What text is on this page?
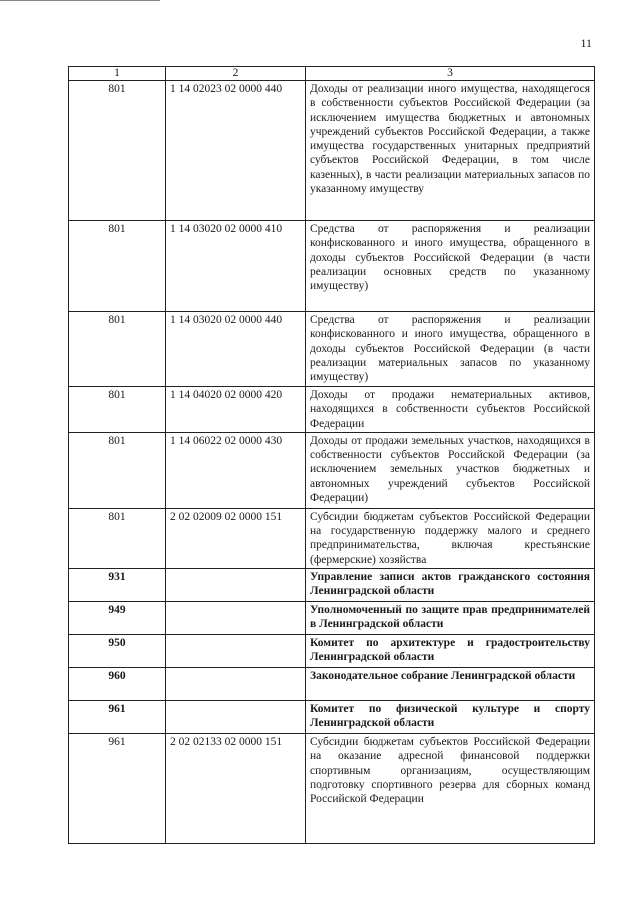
11
1	2	3
801	1 14 02023 02 0000 440	Доходы от реализации иного имущества, находящегося в собственности субъектов Российской Федерации (за исключением имущества бюджетных и автономных учреждений субъектов Российской Федерации, а также имущества государственных унитарных предприятий субъектов Российской Федерации, в том числе казенных), в части реализации материальных запасов по указанному имуществу
801	1 14 03020 02 0000 410	Средства от распоряжения и реализации конфискованного и иного имущества, обращенного в доходы субъектов Российской Федерации (в части реализации основных средств по указанному имуществу)
801	1 14 03020 02 0000 440	Средства от распоряжения и реализации конфискованного и иного имущества, обращенного в доходы субъектов Российской Федерации (в части реализации материальных запасов по указанному имуществу)
801	1 14 04020 02 0000 420	Доходы от продажи нематериальных активов, находящихся в собственности субъектов Российской Федерации
801	1 14 06022 02 0000 430	Доходы от продажи земельных участков, находящихся в собственности субъектов Российской Федерации (за исключением земельных участков бюджетных и автономных учреждений субъектов Российской Федерации)
801	2 02 02009 02 0000 151	Субсидии бюджетам субъектов Российской Федерации на государственную поддержку малого и среднего предпринимательства, включая крестьянские (фермерские) хозяйства
931		Управление записи актов гражданского состояния Ленинградской области
949		Уполномоченный по защите прав предпринимателей в Ленинградской области
950		Комитет по архитектуре и градостроительству Ленинградской области
960		Законодательное собрание Ленинградской области
961		Комитет по физической культуре и спорту Ленинградской области
961	2 02 02133 02 0000 151	Субсидии бюджетам субъектов Российской Федерации на оказание адресной финансовой поддержки спортивным организациям, осуществляющим подготовку спортивного резерва для сборных команд Российской Федерации
